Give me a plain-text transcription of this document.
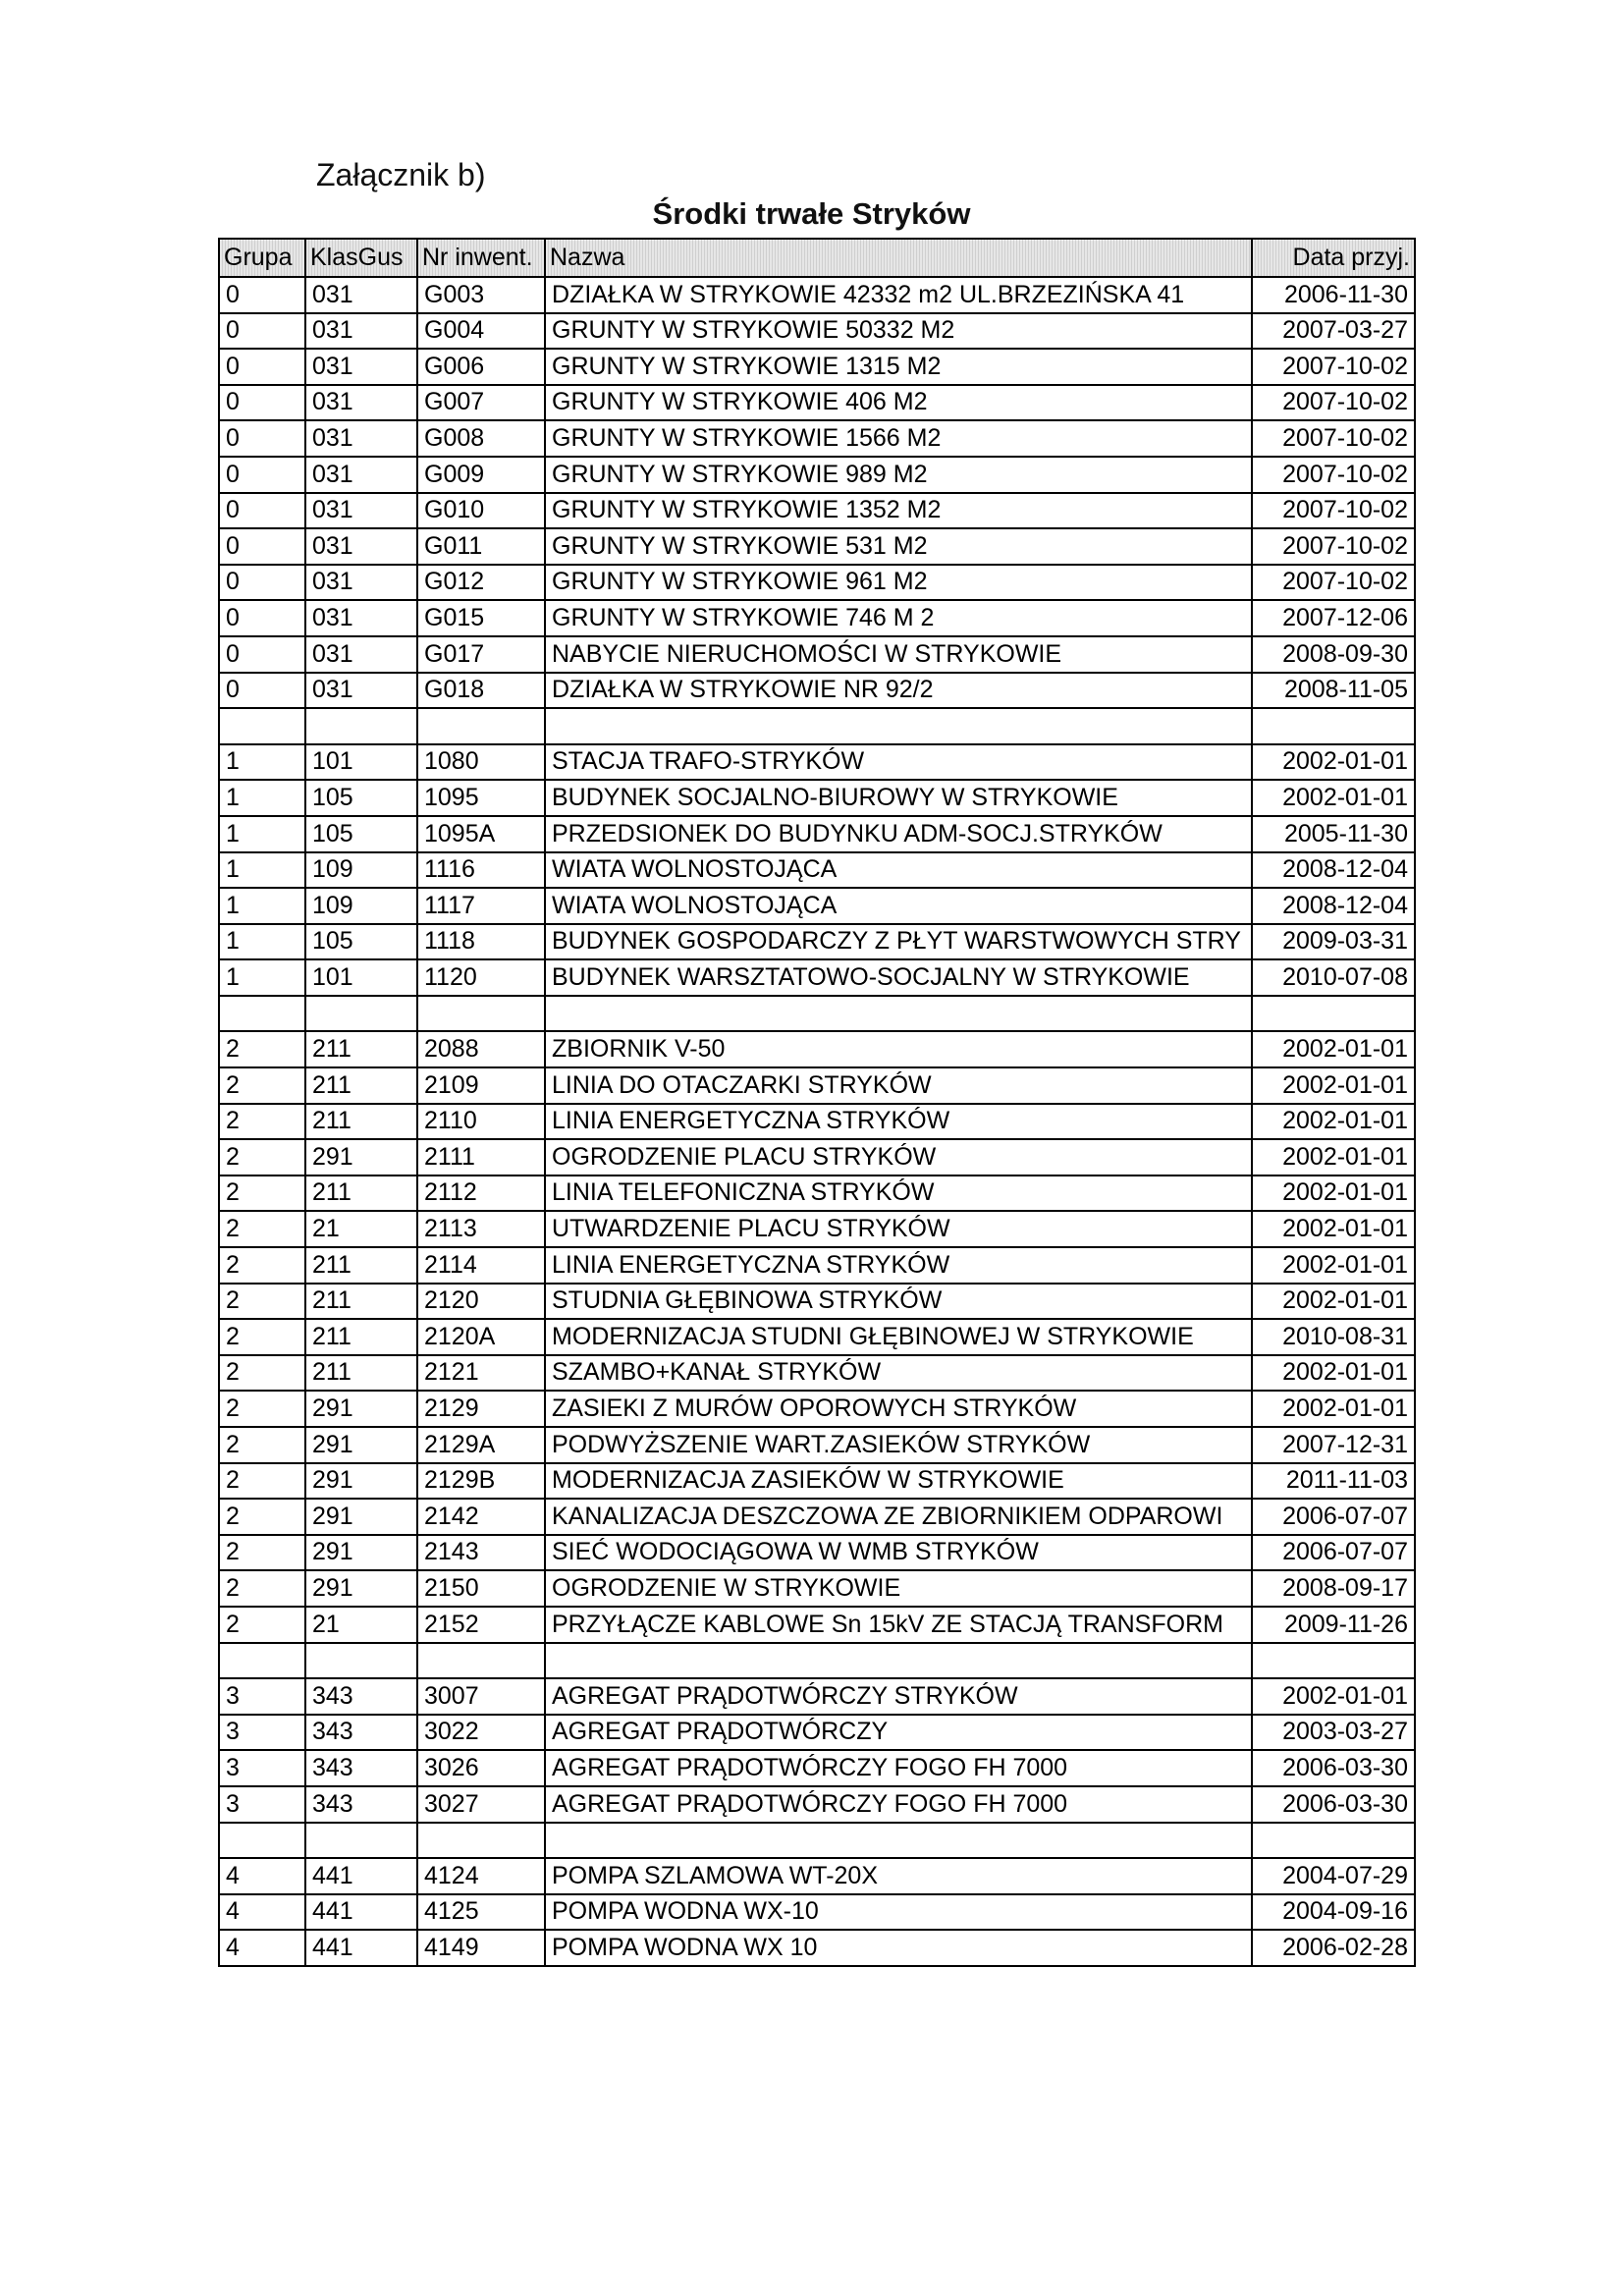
Załącznik b)
Środki trwałe Stryków
Grupa	KlasGus	Nr inwent.	Nazwa	Data przyj.
0	031	G003	DZIAŁKA W STRYKOWIE 42332 m2 UL.BRZEZIŃSKA 41	2006-11-30
0	031	G004	GRUNTY W STRYKOWIE 50332 M2	2007-03-27
0	031	G006	GRUNTY W STRYKOWIE 1315 M2	2007-10-02
0	031	G007	GRUNTY W STRYKOWIE 406 M2	2007-10-02
0	031	G008	GRUNTY W STRYKOWIE 1566 M2	2007-10-02
0	031	G009	GRUNTY W STRYKOWIE 989 M2	2007-10-02
0	031	G010	GRUNTY W STRYKOWIE 1352 M2	2007-10-02
0	031	G011	GRUNTY W STRYKOWIE 531 M2	2007-10-02
0	031	G012	GRUNTY W STRYKOWIE 961 M2	2007-10-02
0	031	G015	GRUNTY W STRYKOWIE 746 M 2	2007-12-06
0	031	G017	NABYCIE NIERUCHOMOŚCI W STRYKOWIE	2008-09-30
0	031	G018	DZIAŁKA W STRYKOWIE NR 92/2	2008-11-05

1	101	1080	STACJA TRAFO-STRYKÓW	2002-01-01
1	105	1095	BUDYNEK SOCJALNO-BIUROWY W STRYKOWIE	2002-01-01
1	105	1095A	PRZEDSIONEK DO BUDYNKU ADM-SOCJ.STRYKÓW	2005-11-30
1	109	1116	WIATA WOLNOSTOJĄCA	2008-12-04
1	109	1117	WIATA WOLNOSTOJĄCA	2008-12-04
1	105	1118	BUDYNEK GOSPODARCZY Z PŁYT WARSTWOWYCH STRY	2009-03-31
1	101	1120	BUDYNEK WARSZTATOWO-SOCJALNY W STRYKOWIE	2010-07-08

2	211	2088	ZBIORNIK V-50	2002-01-01
2	211	2109	LINIA DO OTACZARKI STRYKÓW	2002-01-01
2	211	2110	LINIA ENERGETYCZNA STRYKÓW	2002-01-01
2	291	2111	OGRODZENIE PLACU STRYKÓW	2002-01-01
2	211	2112	LINIA TELEFONICZNA STRYKÓW	2002-01-01
2	21	2113	UTWARDZENIE PLACU STRYKÓW	2002-01-01
2	211	2114	LINIA ENERGETYCZNA STRYKÓW	2002-01-01
2	211	2120	STUDNIA GŁĘBINOWA STRYKÓW	2002-01-01
2	211	2120A	MODERNIZACJA STUDNI GŁĘBINOWEJ W STRYKOWIE	2010-08-31
2	211	2121	SZAMBO+KANAŁ STRYKÓW	2002-01-01
2	291	2129	ZASIEKI Z MURÓW OPOROWYCH STRYKÓW	2002-01-01
2	291	2129A	PODWYŻSZENIE WART.ZASIEKÓW STRYKÓW	2007-12-31
2	291	2129B	MODERNIZACJA ZASIEKÓW W STRYKOWIE	2011-11-03
2	291	2142	KANALIZACJA DESZCZOWA ZE ZBIORNIKIEM ODPAROWI	2006-07-07
2	291	2143	SIEĆ WODOCIĄGOWA W WMB STRYKÓW	2006-07-07
2	291	2150	OGRODZENIE W STRYKOWIE	2008-09-17
2	21	2152	PRZYŁĄCZE KABLOWE Sn 15kV ZE STACJĄ TRANSFORM	2009-11-26

3	343	3007	AGREGAT PRĄDOTWÓRCZY STRYKÓW	2002-01-01
3	343	3022	AGREGAT PRĄDOTWÓRCZY	2003-03-27
3	343	3026	AGREGAT PRĄDOTWÓRCZY FOGO FH 7000	2006-03-30
3	343	3027	AGREGAT PRĄDOTWÓRCZY FOGO FH 7000	2006-03-30

4	441	4124	POMPA SZLAMOWA WT-20X	2004-07-29
4	441	4125	POMPA WODNA WX-10	2004-09-16
4	441	4149	POMPA WODNA WX 10	2006-02-28
